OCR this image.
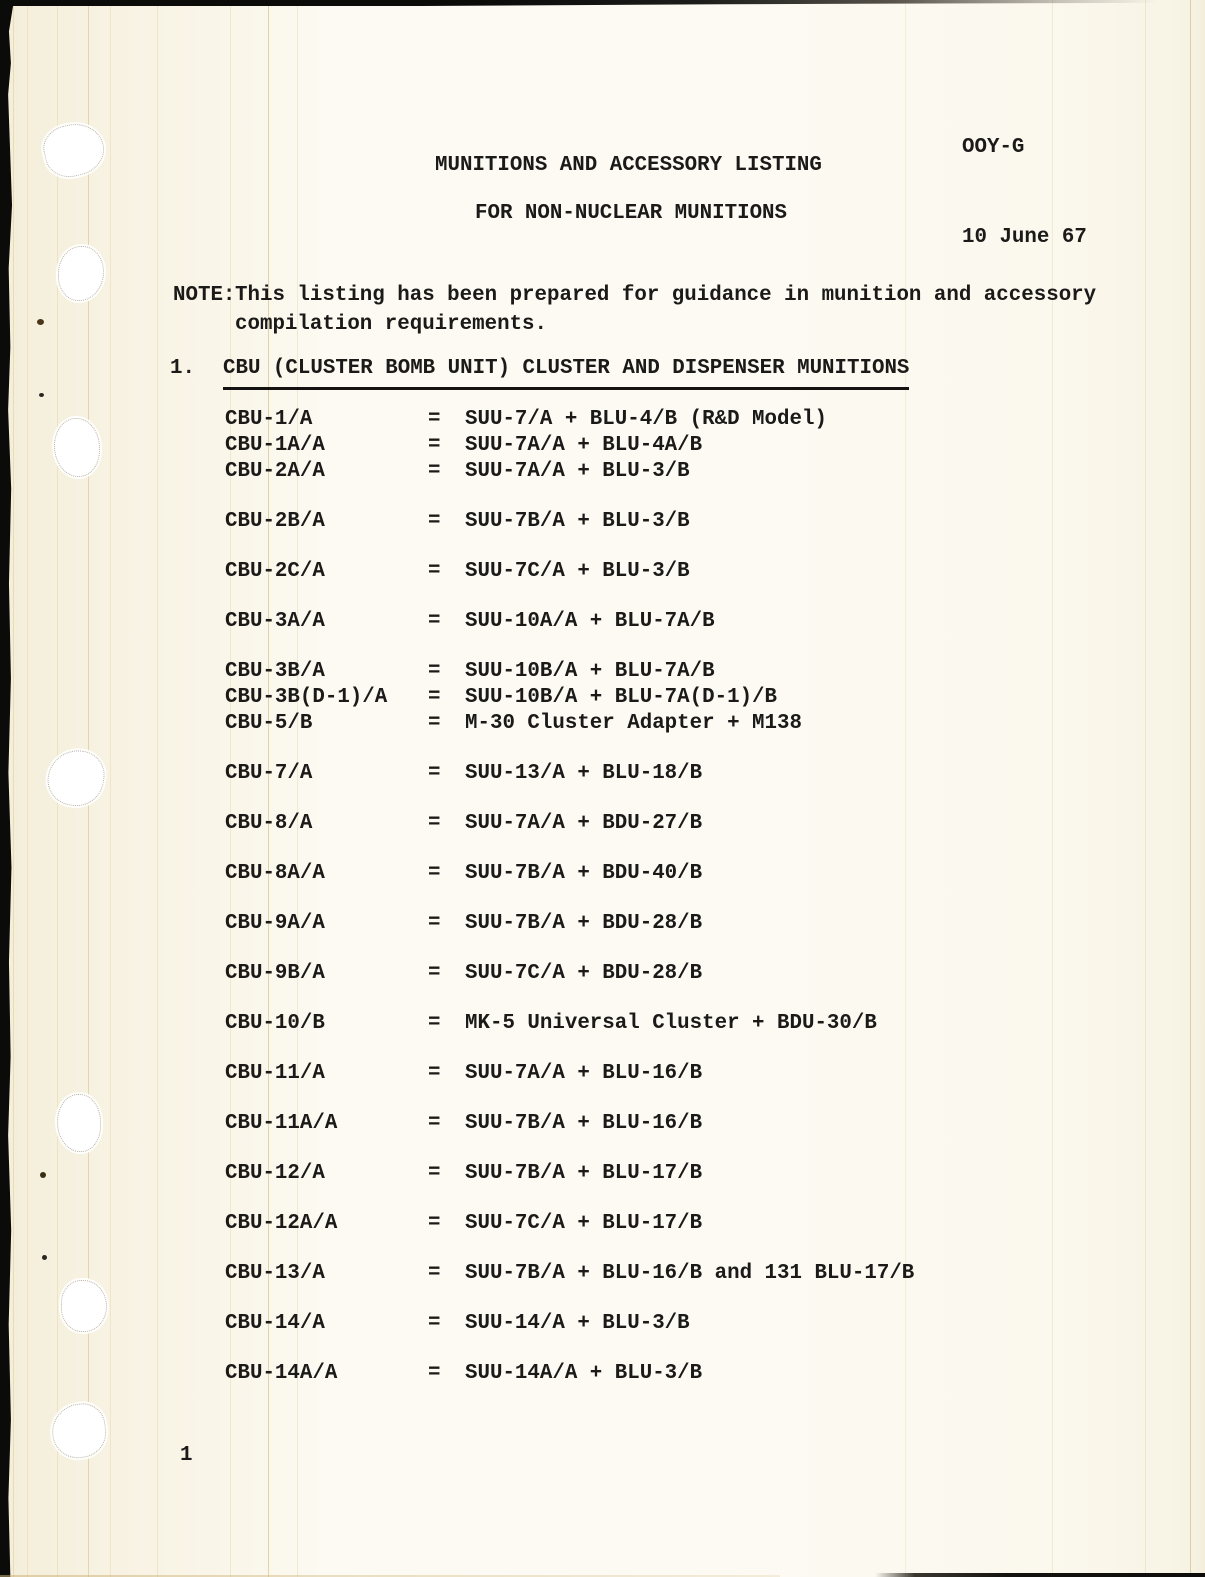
OOY-G

10 June 67

MUNITIONS AND ACCESSORY LISTING

FOR NON-NUCLEAR MUNITIONS

NOTE:

This listing has been prepared for guidance in munition and accessory

compilation requirements.

1.

CBU (CLUSTER BOMB UNIT) CLUSTER AND DISPENSER MUNITIONS

CBU-1/A	=	SUU-7/A + BLU-4/B (R&D Model)
CBU-1A/A	=	SUU-7A/A + BLU-4A/B
CBU-2A/A	=	SUU-7A/A + BLU-3/B
CBU-2B/A	=	SUU-7B/A + BLU-3/B
CBU-2C/A	=	SUU-7C/A + BLU-3/B
CBU-3A/A	=	SUU-10A/A + BLU-7A/B
CBU-3B/A	=	SUU-10B/A + BLU-7A/B
CBU-3B(D-1)/A	=	SUU-10B/A + BLU-7A(D-1)/B
CBU-5/B	=	M-30 Cluster Adapter + M138
CBU-7/A	=	SUU-13/A + BLU-18/B
CBU-8/A	=	SUU-7A/A + BDU-27/B
CBU-8A/A	=	SUU-7B/A + BDU-40/B
CBU-9A/A	=	SUU-7B/A + BDU-28/B
CBU-9B/A	=	SUU-7C/A + BDU-28/B
CBU-10/B	=	MK-5 Universal Cluster + BDU-30/B
CBU-11/A	=	SUU-7A/A + BLU-16/B
CBU-11A/A	=	SUU-7B/A + BLU-16/B
CBU-12/A	=	SUU-7B/A + BLU-17/B
CBU-12A/A	=	SUU-7C/A + BLU-17/B
CBU-13/A	=	SUU-7B/A + BLU-16/B and 131 BLU-17/B
CBU-14/A	=	SUU-14/A + BLU-3/B
CBU-14A/A	=	SUU-14A/A + BLU-3/B

1
